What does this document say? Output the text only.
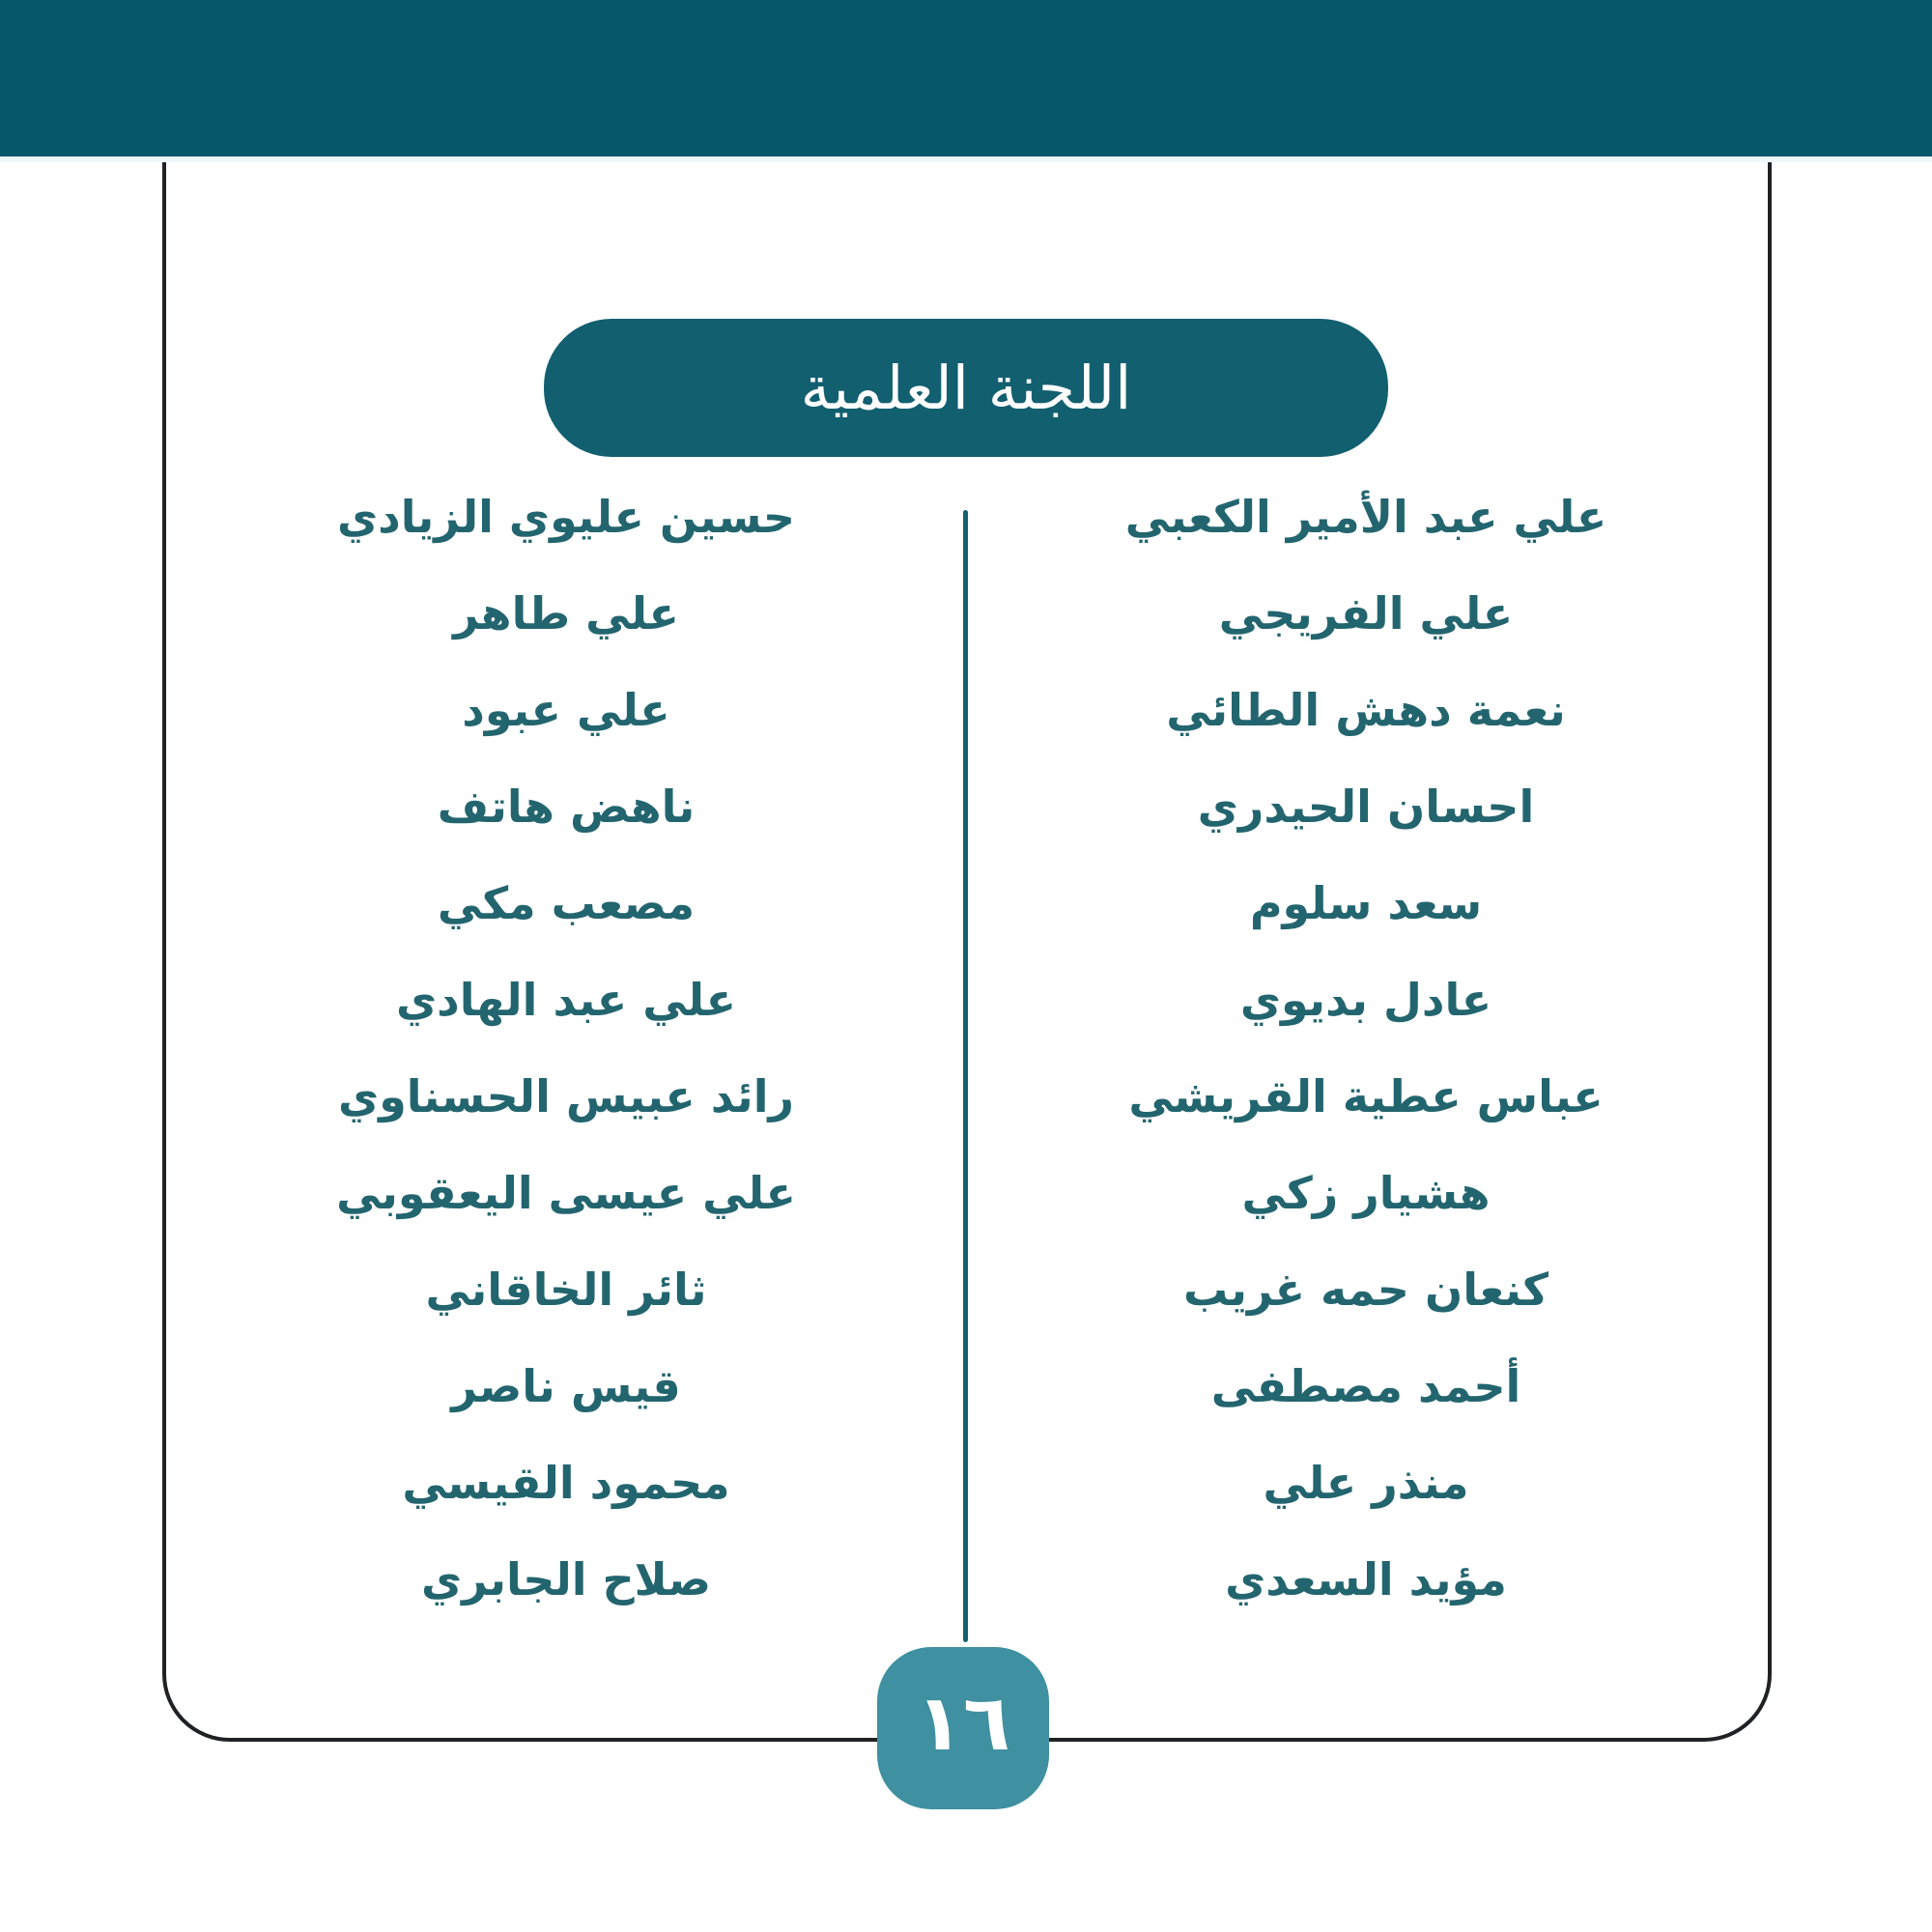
اللجنة العلمية
علي عبد الأمير الكعبي
علي الفريجي
نعمة دهش الطائي
احسان الحيدري
سعد سلوم
عادل بديوي
عباس عطية القريشي
هشيار زكي
كنعان حمه غريب
أحمد مصطفى
منذر علي
مؤيد السعدي
حسين عليوي الزيادي
علي طاهر
علي عبود
ناهض هاتف
مصعب مكي
علي عبد الهادي
رائد عبيس الحسناوي
علي عيسى اليعقوبي
ثائر الخاقاني
قيس ناصر
محمود القيسي
صلاح الجابري
١٦
